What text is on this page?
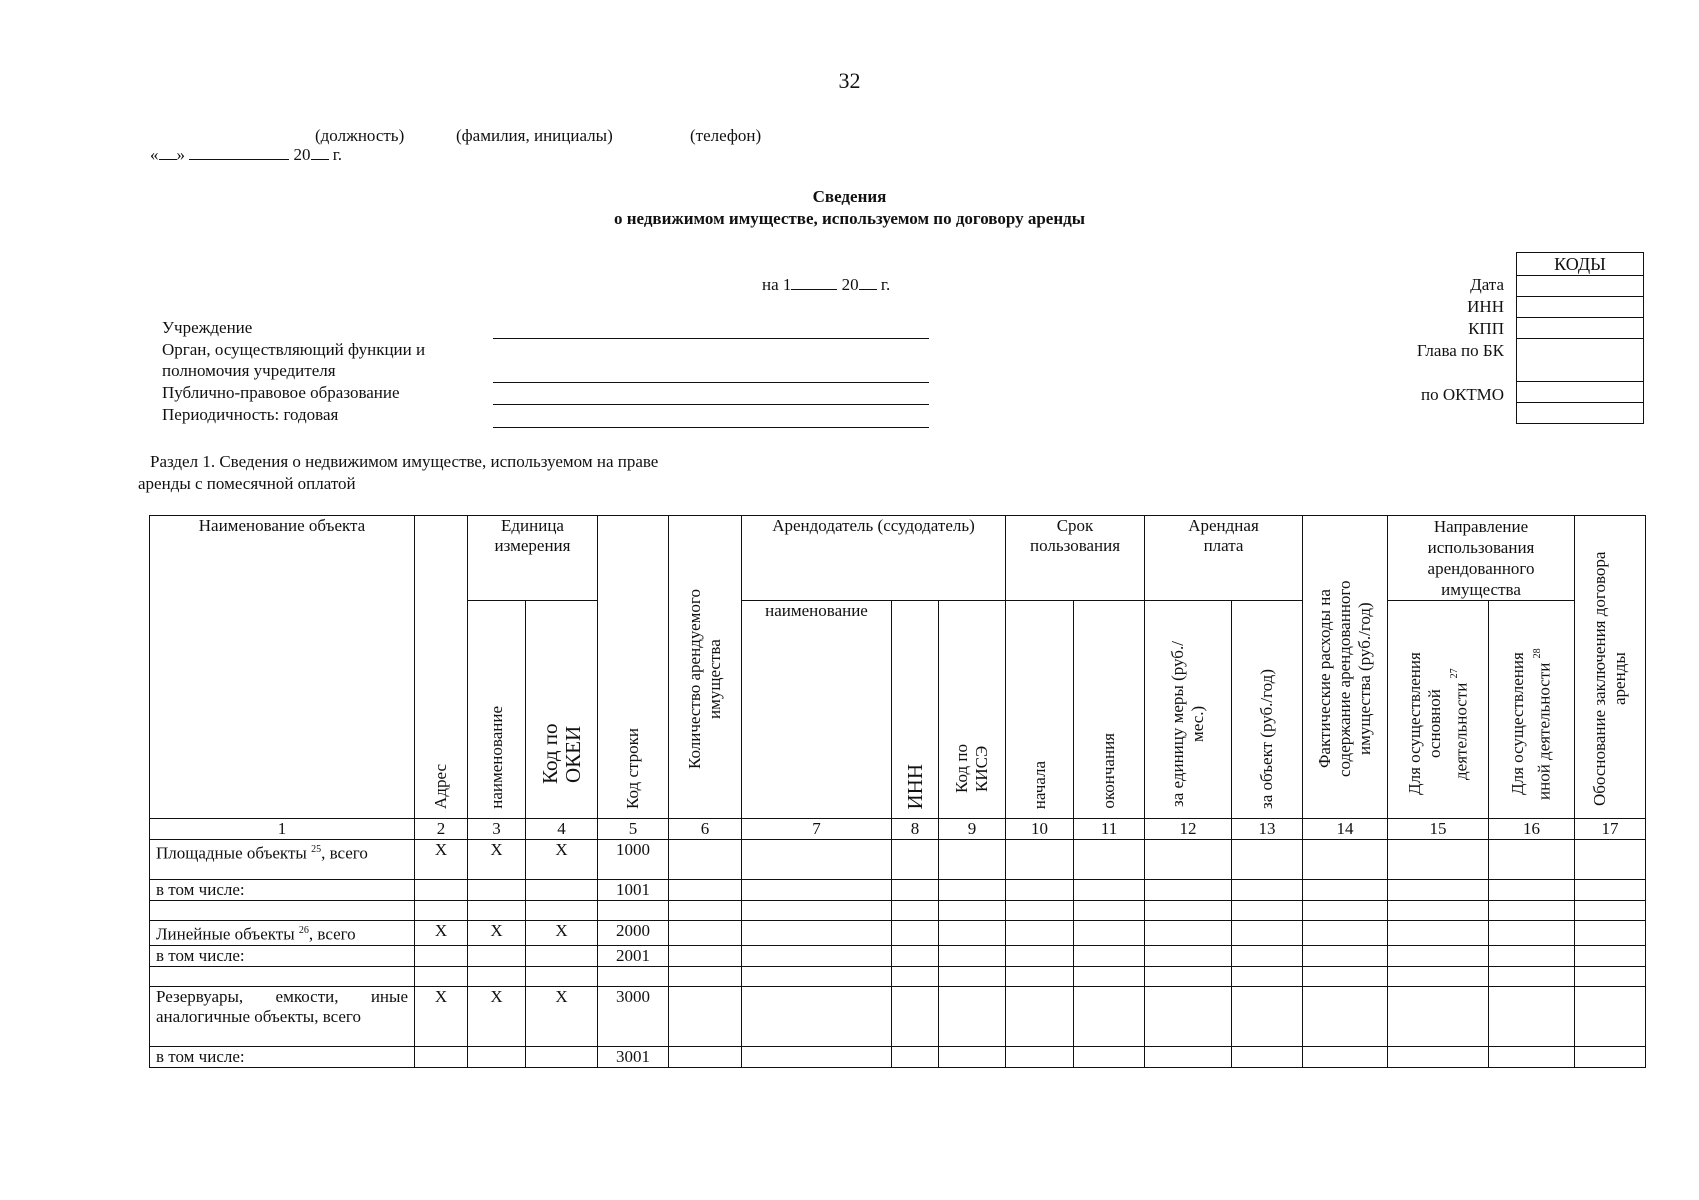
32
(должность)	(фамилия, инициалы)	(телефон)
« »	20 г.
Сведения
о недвижимом имуществе, используемом по договору аренды
на 1	20 г.
Учреждение
Орган, осуществляющий функции и
полномочия учредителя
Публично-правовое образование
Периодичность: годовая
Дата
ИНН
КПП
Глава по БК
по ОКТМО
КОДЫ

Раздел 1. Сведения о недвижимом имуществе, используемом на праве
аренды с помесячной оплатой
Наименование объекта	Адрес	Единица измерения		Код строки	Количество арендуемого имущества	Арендодатель (ссудодатель)			Срок пользования		Арендная плата		Фактические расходы на содержание арендованного имущества (руб./год)	Направление использования арендованного имущества		Обоснование заключения договора аренды
		наименование	Код по ОКЕИ			наименование	ИНН	Код по КИСЭ	начала	окончания	за единицу меры (руб./мес.)	за объект (руб./год)		Для осуществления основной деятельности $^{27}$	Для осуществления иной деятельности $^{28}$
1	2	3	4	5	6	7	8	9	10	11	12	13	14	15	16	17
Площадные объекты $^{25}$, всего	X	X	X	1000												
в том числе:				1001												

Линейные объекты $^{26}$, всего	X	X	X	2000												
в том числе:				2001												

Резервуары, емкости, иные аналогичные объекты, всего	X	X	X	3000												
в том числе:				3001												
